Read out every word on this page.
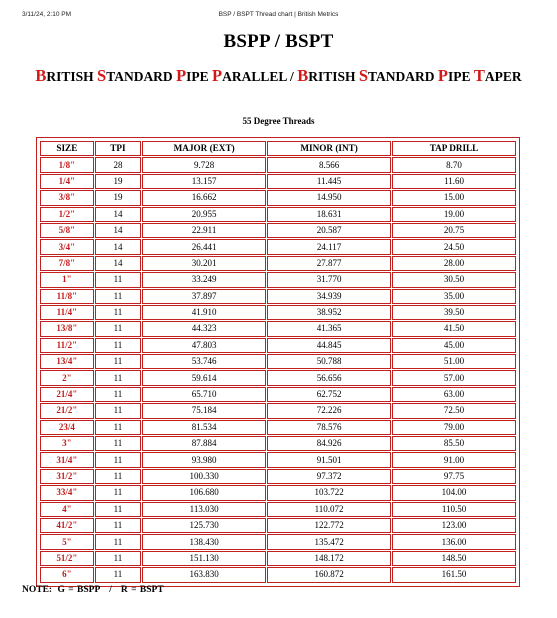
3/11/24, 2:10 PM	BSP / BSPT Thread chart | British Metrics
BSPP / BSPT
BRITISH STANDARD PIPE PARALLEL / BRITISH STANDARD PIPE TAPER
55 Degree Threads
SIZE	TPI	MAJOR (EXT)	MINOR (INT)	TAP DRILL
1/8"	28	9.728	8.566	8.70
1/4"	19	13.157	11.445	11.60
3/8"	19	16.662	14.950	15.00
1/2"	14	20.955	18.631	19.00
5/8"	14	22.911	20.587	20.75
3/4"	14	26.441	24.117	24.50
7/8"	14	30.201	27.877	28.00
1"	11	33.249	31.770	30.50
11/8"	11	37.897	34.939	35.00
11/4"	11	41.910	38.952	39.50
13/8"	11	44.323	41.365	41.50
11/2"	11	47.803	44.845	45.00
13/4"	11	53.746	50.788	51.00
2"	11	59.614	56.656	57.00
21/4"	11	65.710	62.752	63.00
21/2"	11	75.184	72.226	72.50
23/4	11	81.534	78.576	79.00
3"	11	87.884	84.926	85.50
31/4"	11	93.980	91.501	91.00
31/2"	11	100.330	97.372	97.75
33/4"	11	106.680	103.722	104.00
4"	11	113.030	110.072	110.50
41/2"	11	125.730	122.772	123.00
5"	11	138.430	135.472	136.00
51/2"	11	151.130	148.172	148.50
6"	11	163.830	160.872	161.50
NOTE: G = BSPP / R = BSPT
